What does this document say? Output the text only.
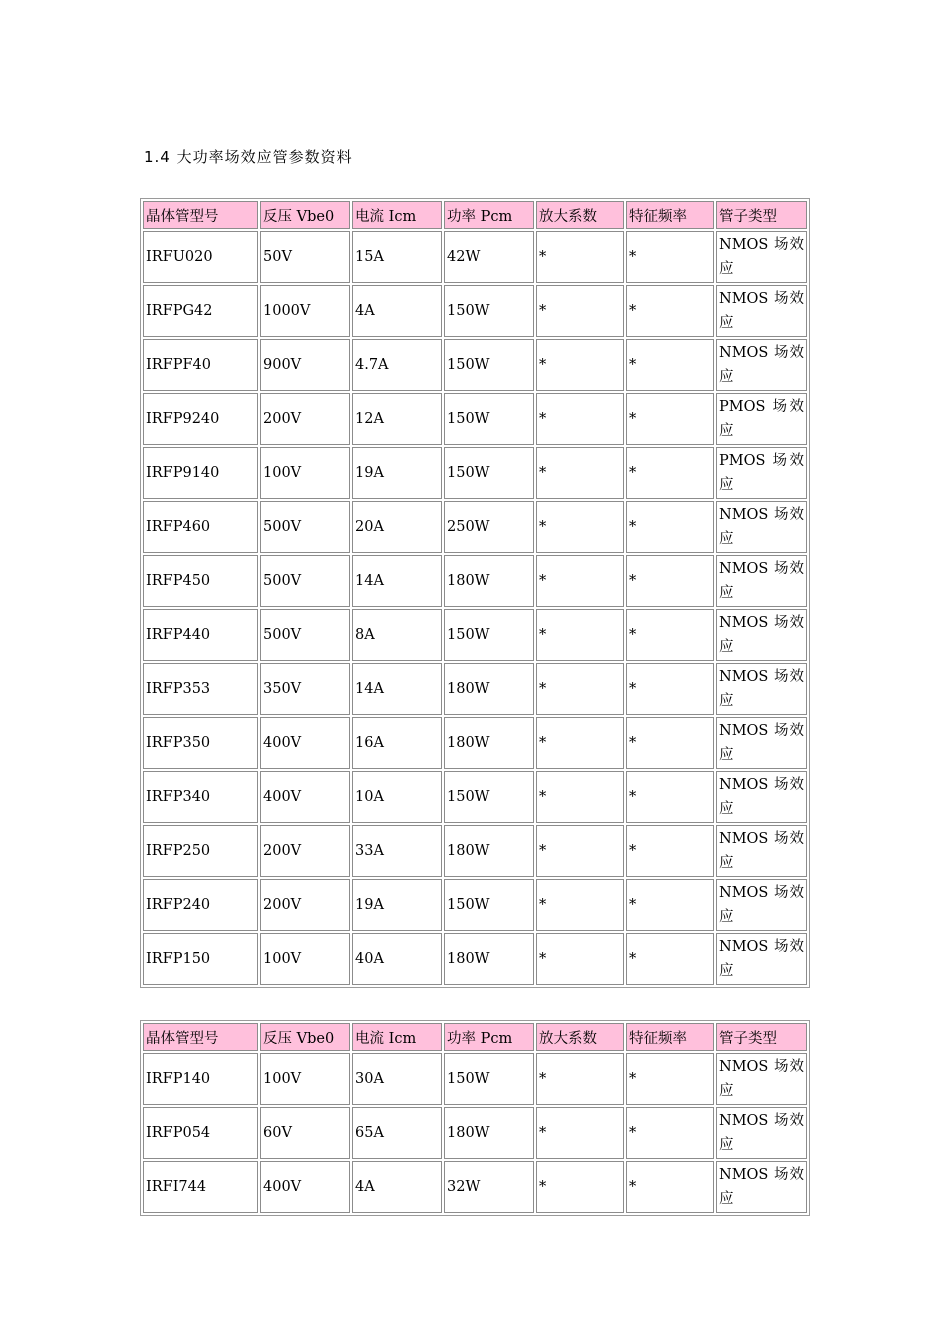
1.4 大功率场效应管参数资料
晶体管型号	反压 Vbe0	电流 Icm	功率 Pcm	放大系数	特征频率	管子类型
IRFU020	50V	15A	42W	*	*	NMOS 场效
应

IRFPG42	1000V	4A	150W	*	*	NMOS 场效
应

IRFPF40	900V	4.7A	150W	*	*	NMOS 场效
应

IRFP9240	200V	12A	150W	*	*	PMOS 场效
应

IRFP9140	100V	19A	150W	*	*	PMOS 场效
应

IRFP460	500V	20A	250W	*	*	NMOS 场效
应

IRFP450	500V	14A	180W	*	*	NMOS 场效
应

IRFP440	500V	8A	150W	*	*	NMOS 场效
应

IRFP353	350V	14A	180W	*	*	NMOS 场效
应

IRFP350	400V	16A	180W	*	*	NMOS 场效
应

IRFP340	400V	10A	150W	*	*	NMOS 场效
应

IRFP250	200V	33A	180W	*	*	NMOS 场效
应

IRFP240	200V	19A	150W	*	*	NMOS 场效
应

IRFP150	100V	40A	180W	*	*	NMOS 场效
应
晶体管型号	反压 Vbe0	电流 Icm	功率 Pcm	放大系数	特征频率	管子类型
IRFP140	100V	30A	150W	*	*	NMOS 场效
应

IRFP054	60V	65A	180W	*	*	NMOS 场效
应

IRFI744	400V	4A	32W	*	*	NMOS 场效
应
